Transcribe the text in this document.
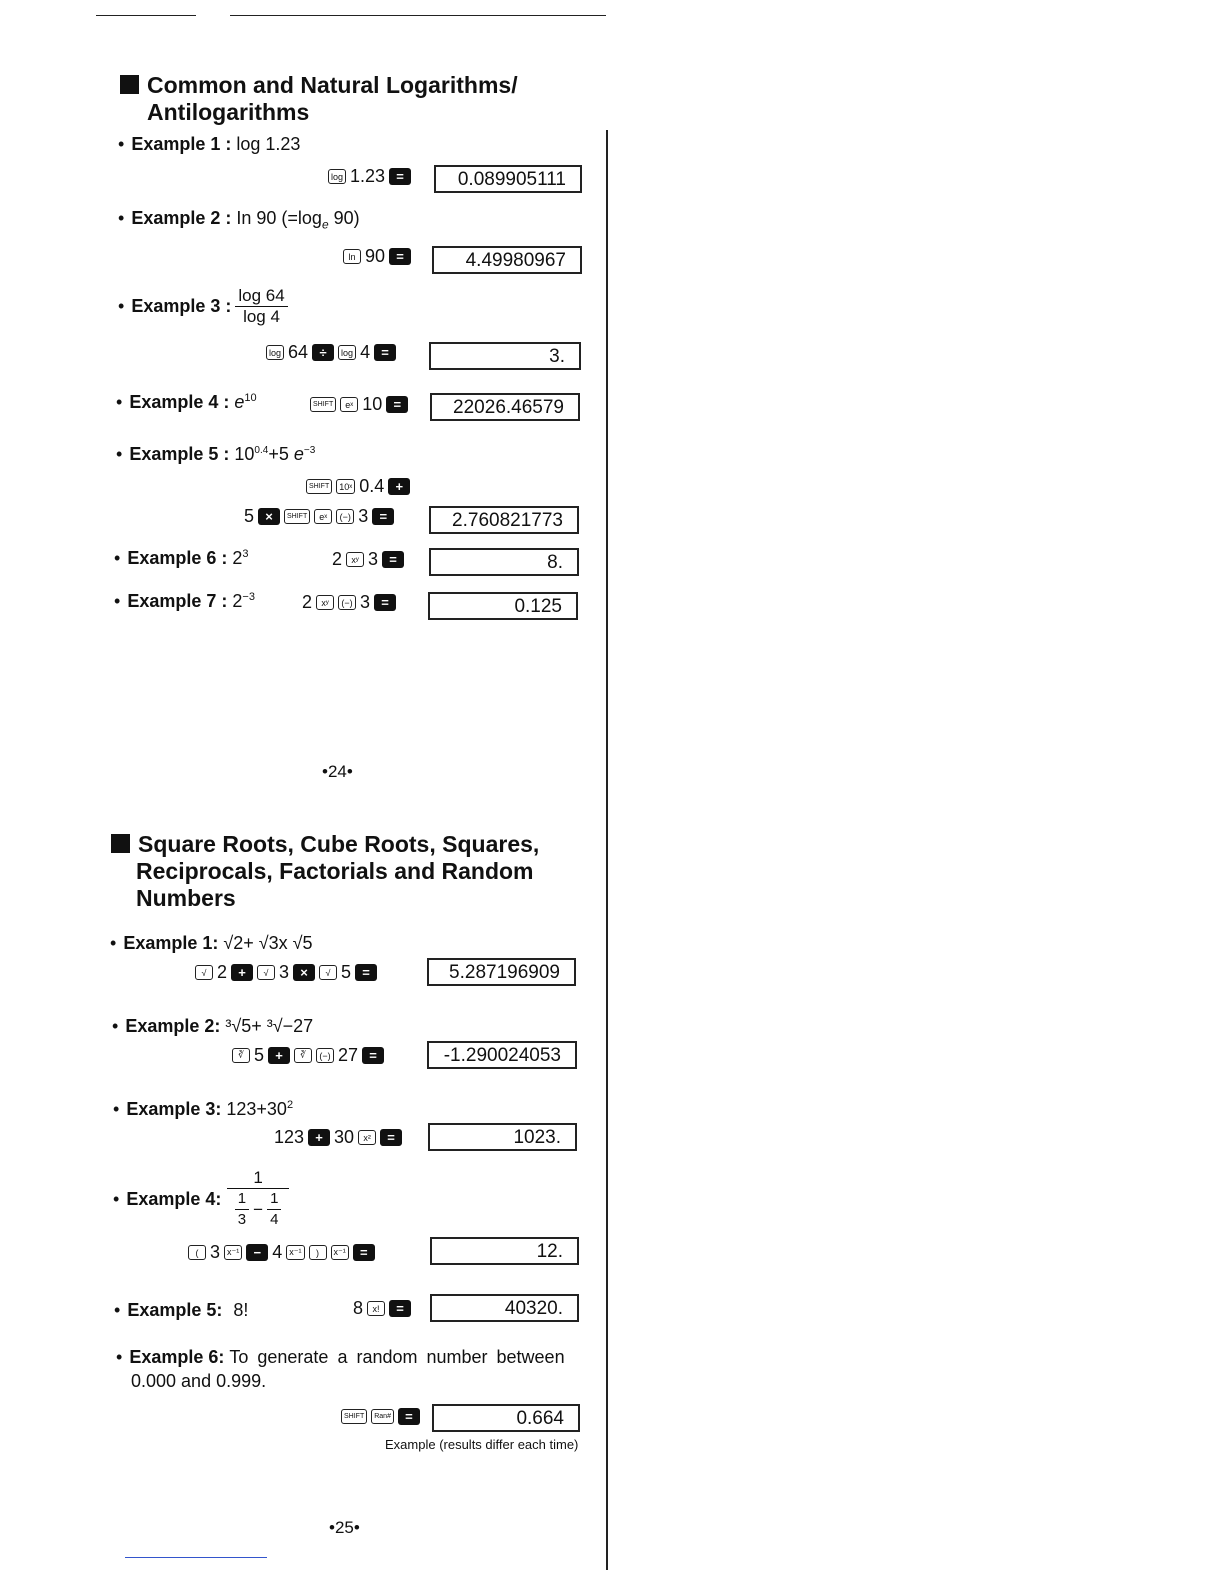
Common and Natural Logarithms/
Antilogarithms
• Example 1 : log 1.23
log 1.23 =	0.089905111
• Example 2 : In 90 ($=\log_e$ 90)
ln 90 =	4.49980967
• Example 3 : $\frac{\log 64}{\log 4}$
log 64 ÷	log 4 =	3.
• Example 4 : $e^{10}$
SHIFT	eˣ 10 =	22026.46579
• Example 5 : $10^{0.4}+5$ $e^{-3}$
SHIFT	10ˣ 0.4 +
5 ×	SHIFT	eˣ	(−) 3 =	2.760821773
• Example 6 : $2^3$	2	xʸ 3 =	8.
• Example 7 : $2^{-3}$	2	xʸ	(−) 3 =	0.125
•24•
Square Roots, Cube Roots, Squares,
Reciprocals, Factorials and Random
Numbers
• Example 1: √2+ √3x √5
√ 2 +	√ 3 ×	√ 5 =	5.287196909
• Example 2: ³√5+ ³√−27
∛ 5 +	∛	(−) 27 =	-1.290024053
• Example 3: $123+30^2$
123 + 30	x²	=	1023.
• Example 4: $\frac{1}{\frac{1}{3} - \frac{1}{4}}$
( 3 x⁻¹	− 4 x⁻¹	)	x⁻¹	=	12.
• Example 5: 8!	8	x!	=	40320.
• Example 6: To generate a random number between
0.000 and 0.999.
SHIFT	Ran#	=	0.664
Example (results differ each time)
•25•
